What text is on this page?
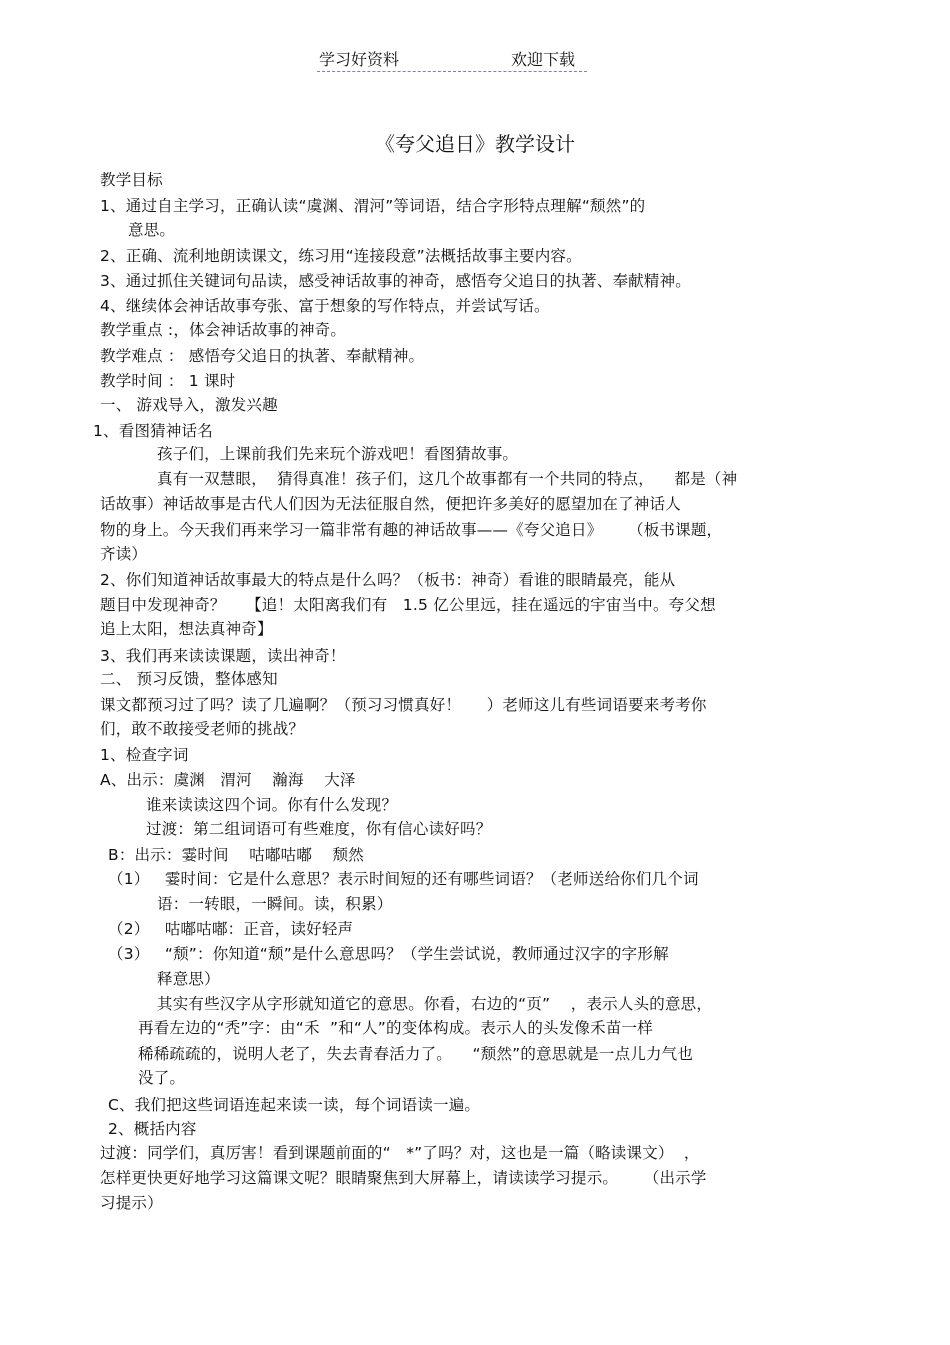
学习好资料	欢迎下载
《夸父追日》教学设计
教学目标
1、通过自主学习，正确认读“虞渊、渭河”等词语，结合字形特点理解“颓然”的
意思。
2、正确、流利地朗读课文，练习用“连接段意”法概括故事主要内容。
3、通过抓住关键词句品读，感受神话故事的神奇，感悟夸父追日的执著、奉献精神。
4、继续体会神话故事夸张、富于想象的写作特点，并尝试写话。
教学重点 :，体会神话故事的神奇。
教学难点 ： 感悟夸父追日的执著、奉献精神。
教学时间 ： 1 课时
一、 游戏导入，激发兴趣
1、看图猜神话名
孩子们，上课前我们先来玩个游戏吧！看图猜故事。
真有一双慧眼，  猜得真准！孩子们，这几个故事都有一个共同的特点，    都是（神
话故事）神话故事是古代人们因为无法征服自然，便把许多美好的愿望加在了神话人
物的身上。今天我们再来学习一篇非常有趣的神话故事——《夸父追日》     （板书课题，
齐读）
2、你们知道神话故事最大的特点是什么吗？（板书：神奇）看谁的眼睛最亮，能从
题目中发现神奇？    【追！太阳离我们有   1.5 亿公里远，挂在遥远的宇宙当中。夸父想
追上太阳，想法真神奇】
3、我们再来读读课题，读出神奇！
二、 预习反馈，整体感知
课文都预习过了吗？读了几遍啊？（预习习惯真好！     ）老师这儿有些词语要来考考你
们，敢不敢接受老师的挑战？
1、检查字词
A、出示：虞渊   渭河    瀚海    大泽
谁来读读这四个词。你有什么发现？
过渡：第二组词语可有些难度，你有信心读好吗？
B：出示：霎时间    咕嘟咕嘟    颓然
（1）   霎时间：它是什么意思？表示时间短的还有哪些词语？（老师送给你们几个词
语：一转眼，一瞬间。读，积累）
（2）   咕嘟咕嘟：正音，读好轻声
（3）   “颓”：你知道“颓”是什么意思吗？（学生尝试说，教师通过汉字的字形解
释意思）
其实有些汉字从字形就知道它的意思。你看，右边的“页”    ，表示人头的意思，
再看左边的“秃”字：由“禾  ”和“人”的变体构成。表示人的头发像禾苗一样
稀稀疏疏的，说明人老了，失去青春活力了。    “颓然”的意思就是一点儿力气也
没了。
C、我们把这些词语连起来读一读，每个词语读一遍。
2、概括内容
过渡：同学们，真厉害！看到课题前面的“   *”了吗？对，这也是一篇（略读课文）  ，
怎样更快更好地学习这篇课文呢？眼睛聚焦到大屏幕上，请读读学习提示。     （出示学
习提示）
